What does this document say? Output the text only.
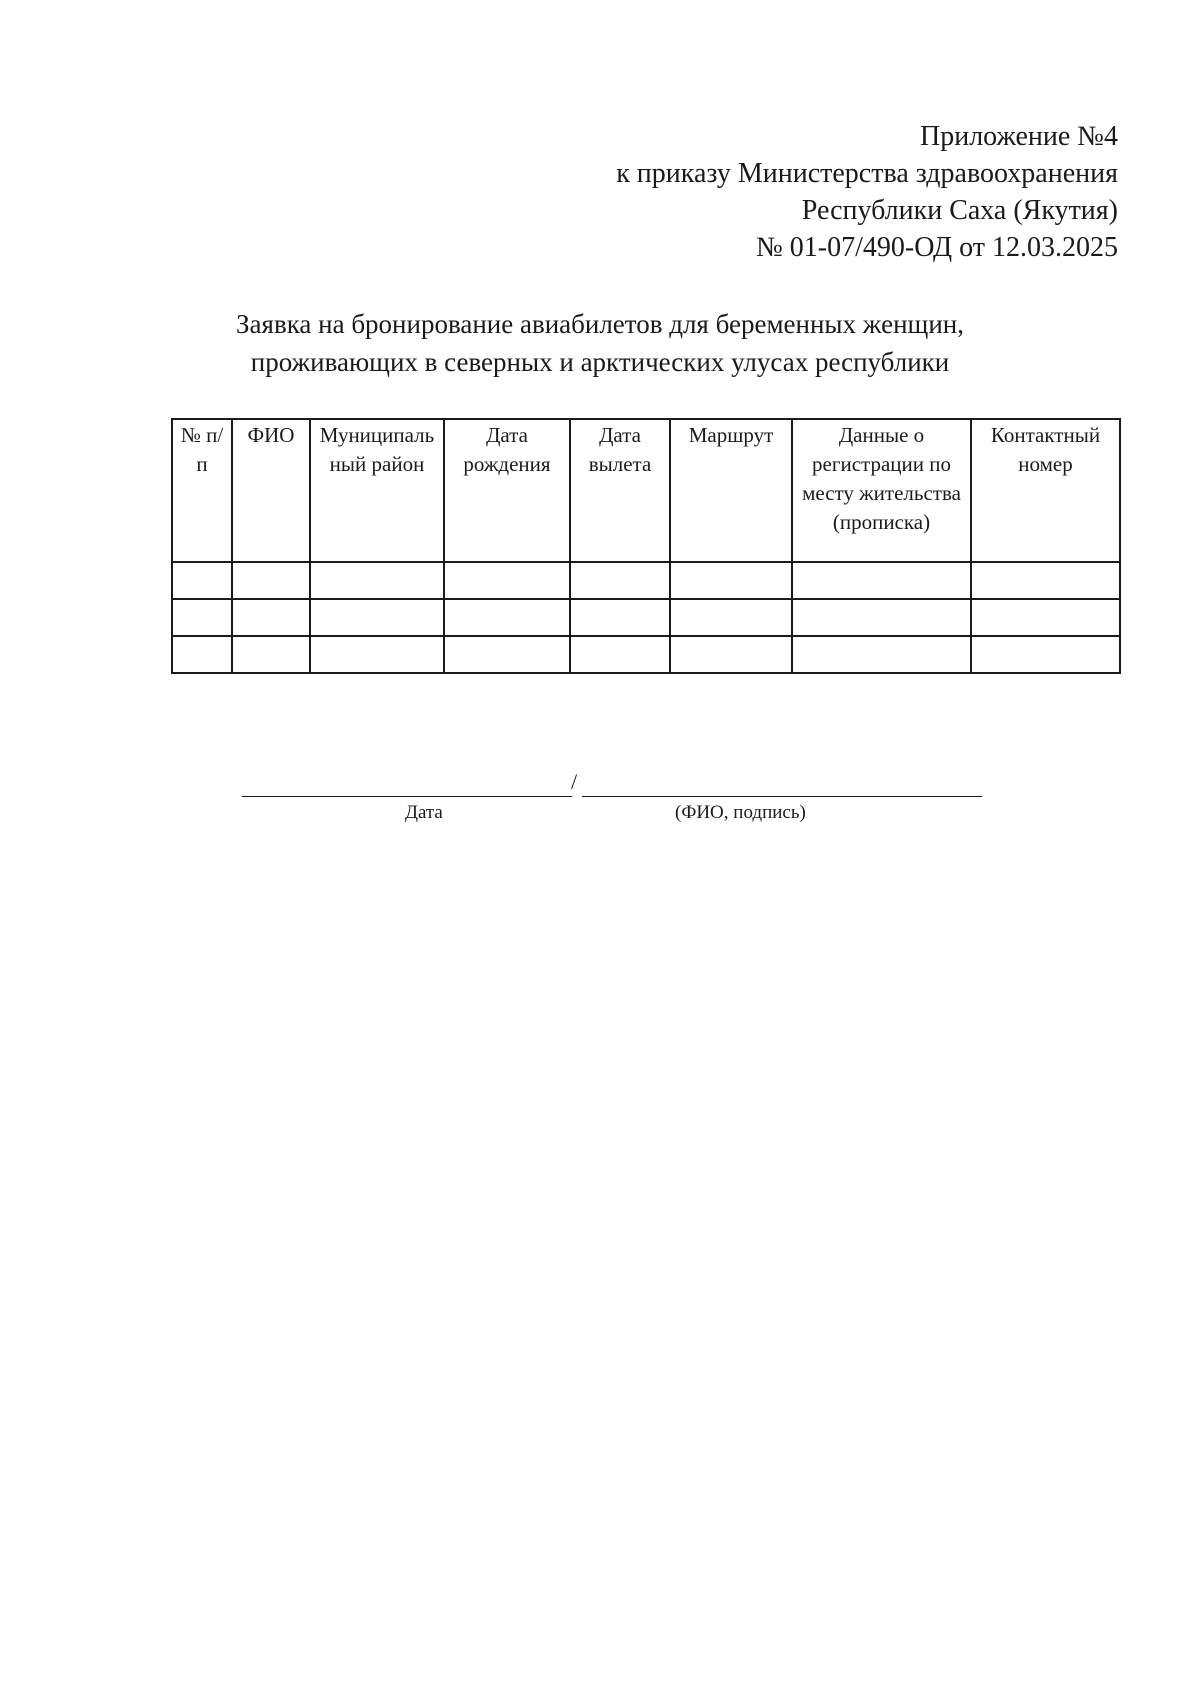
Приложение №4
к приказу Министерства здравоохранения
Республики Саха (Якутия)
№ 01-07/490-ОД от 12.03.2025
Заявка на бронирование авиабилетов для беременных женщин,
проживающих в северных и арктических улусах республики
№ п/п	ФИО	Муниципальный район	Дата рождения	Дата вылета	Маршрут	Данные о регистрации по месту жительства (прописка)	Контактный номер

/
Дата	(ФИО, подпись)
